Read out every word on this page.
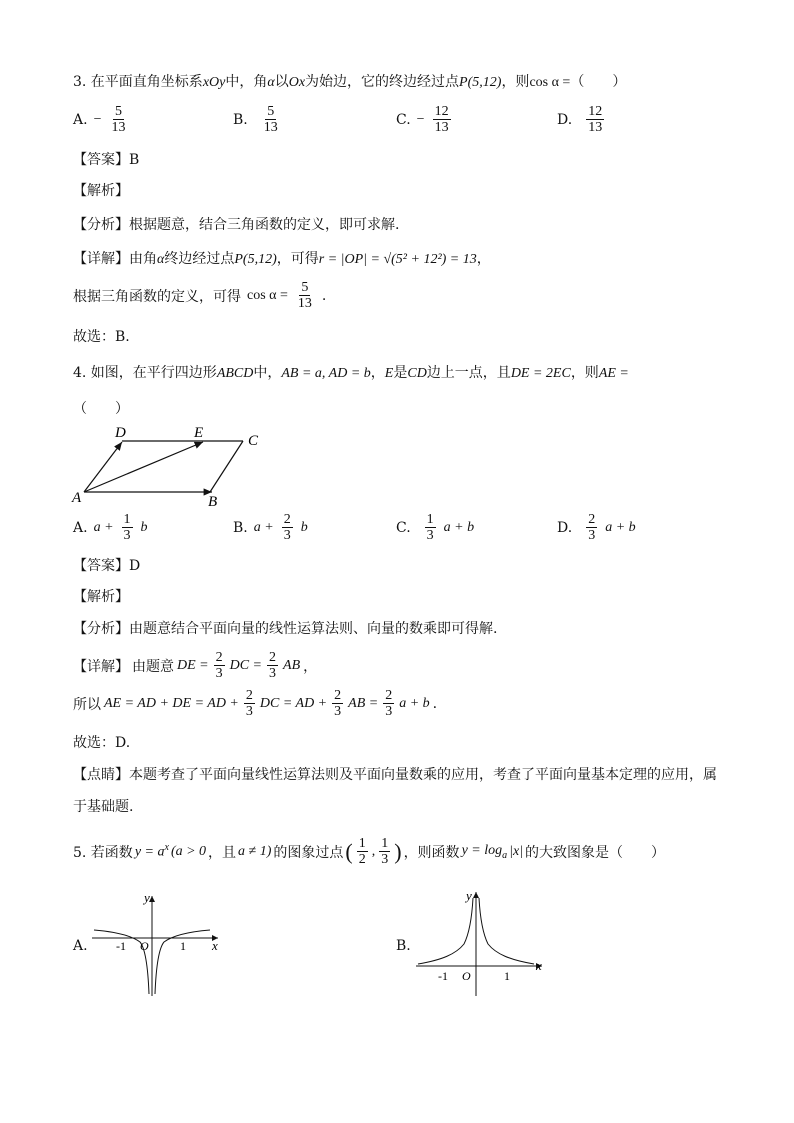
3. 在平面直角坐标系xOy中，角α以Ox为始边，它的终边经过点P(5,12)，则cos α =（　　）
A. − $\frac{5}{13}$	B. $\frac{5}{13}$	C. − $\frac{12}{13}$	D. $\frac{12}{13}$
【答案】B
【解析】
【分析】根据题意，结合三角函数的定义，即可求解.
【详解】由角α终边经过点P(5,12)，可得r = |OP| = √(5² + 12²) = 13，
根据三角函数的定义，可得 $\cos \alpha = \frac{5}{13}$ .
故选：B.
4. 如图，在平行四边形ABCD中，AB = a, AD = b，E是CD边上一点，且DE = 2EC，则AE =
（　　）
A	B
C
D	E
A. $a + \frac{1}{3}$ b	B. $a + \frac{2}{3}$ b	C. $\frac{1}{3}$ a + b	D. $\frac{2}{3}$ a + b
【答案】D
【解析】
【分析】由题意结合平面向量的线性运算法则、向量的数乘即可得解.
【详解】 由题意 DE = $\frac{2}{3}$ DC = $\frac{2}{3}$ AB ，
所以 AE = AD + DE = AD + $\frac{2}{3}$ DC = AD + $\frac{2}{3}$ AB = $\frac{2}{3}$ a + b .
故选：D.
【点睛】本题考查了平面向量线性运算法则及平面向量数乘的应用，考查了平面向量基本定理的应用，属
于基础题.
5. 若函数 $y = a^x$ (a > 0 ，且 a ≠ 1) 的图象过点 ( $\frac{1}{2}$ , $\frac{1}{3}$ ) ，则函数 $y = \log_a |x|$ 的大致图象是（　　）
A.
y
x
-1 O	1	B.
y
x
-1 O	1
